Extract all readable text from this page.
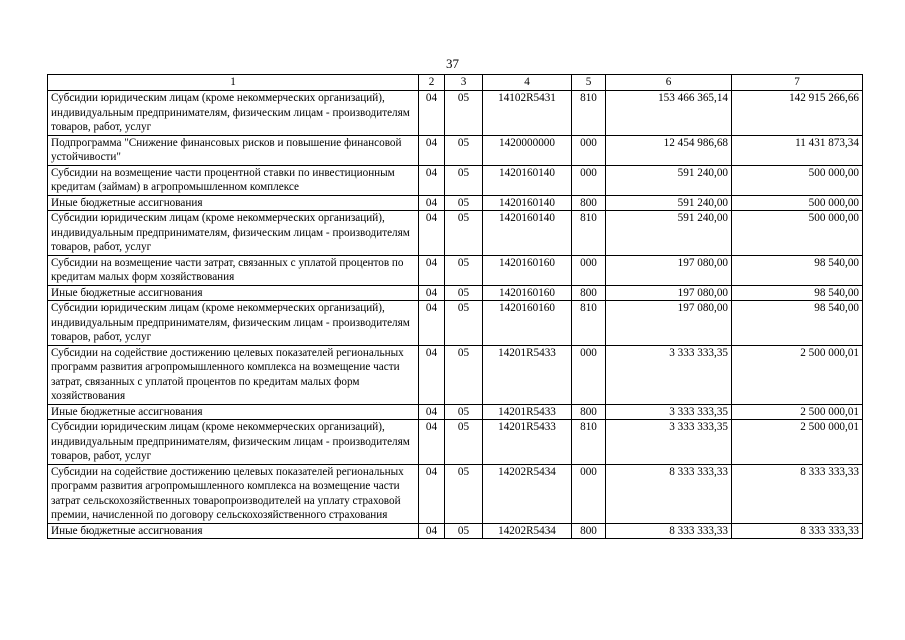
37
1	2	3	4	5	6	7
Субсидии юридическим лицам (кроме некоммерческих организаций), индивидуальным предпринимателям, физическим лицам - производителям товаров, работ, услуг	04	05	14102R5431	810	153 466 365,14	142 915 266,66
Подпрограмма "Снижение финансовых рисков и повышение финансовой устойчивости"	04	05	1420000000	000	12 454 986,68	11 431 873,34
Субсидии на возмещение части процентной ставки по инвестиционным кредитам (займам) в агропромышленном комплексе	04	05	1420160140	000	591 240,00	500 000,00
Иные бюджетные ассигнования	04	05	1420160140	800	591 240,00	500 000,00
Субсидии юридическим лицам (кроме некоммерческих организаций), индивидуальным предпринимателям, физическим лицам - производителям товаров, работ, услуг	04	05	1420160140	810	591 240,00	500 000,00
Субсидии на возмещение части затрат, связанных с уплатой процентов по кредитам малых форм хозяйствования	04	05	1420160160	000	197 080,00	98 540,00
Иные бюджетные ассигнования	04	05	1420160160	800	197 080,00	98 540,00
Субсидии юридическим лицам (кроме некоммерческих организаций), индивидуальным предпринимателям, физическим лицам - производителям товаров, работ, услуг	04	05	1420160160	810	197 080,00	98 540,00
Субсидии на содействие достижению целевых показателей региональных программ развития агропромышленного комплекса на возмещение части затрат, связанных с уплатой процентов по кредитам малых форм хозяйствования	04	05	14201R5433	000	3 333 333,35	2 500 000,01
Иные бюджетные ассигнования	04	05	14201R5433	800	3 333 333,35	2 500 000,01
Субсидии юридическим лицам (кроме некоммерческих организаций), индивидуальным предпринимателям, физическим лицам - производителям товаров, работ, услуг	04	05	14201R5433	810	3 333 333,35	2 500 000,01
Субсидии на содействие достижению целевых показателей региональных программ развития агропромышленного комплекса на возмещение части затрат сельскохозяйственных товаропроизводителей на уплату страховой премии, начисленной по договору сельскохозяйственного страхования	04	05	14202R5434	000	8 333 333,33	8 333 333,33
Иные бюджетные ассигнования	04	05	14202R5434	800	8 333 333,33	8 333 333,33
